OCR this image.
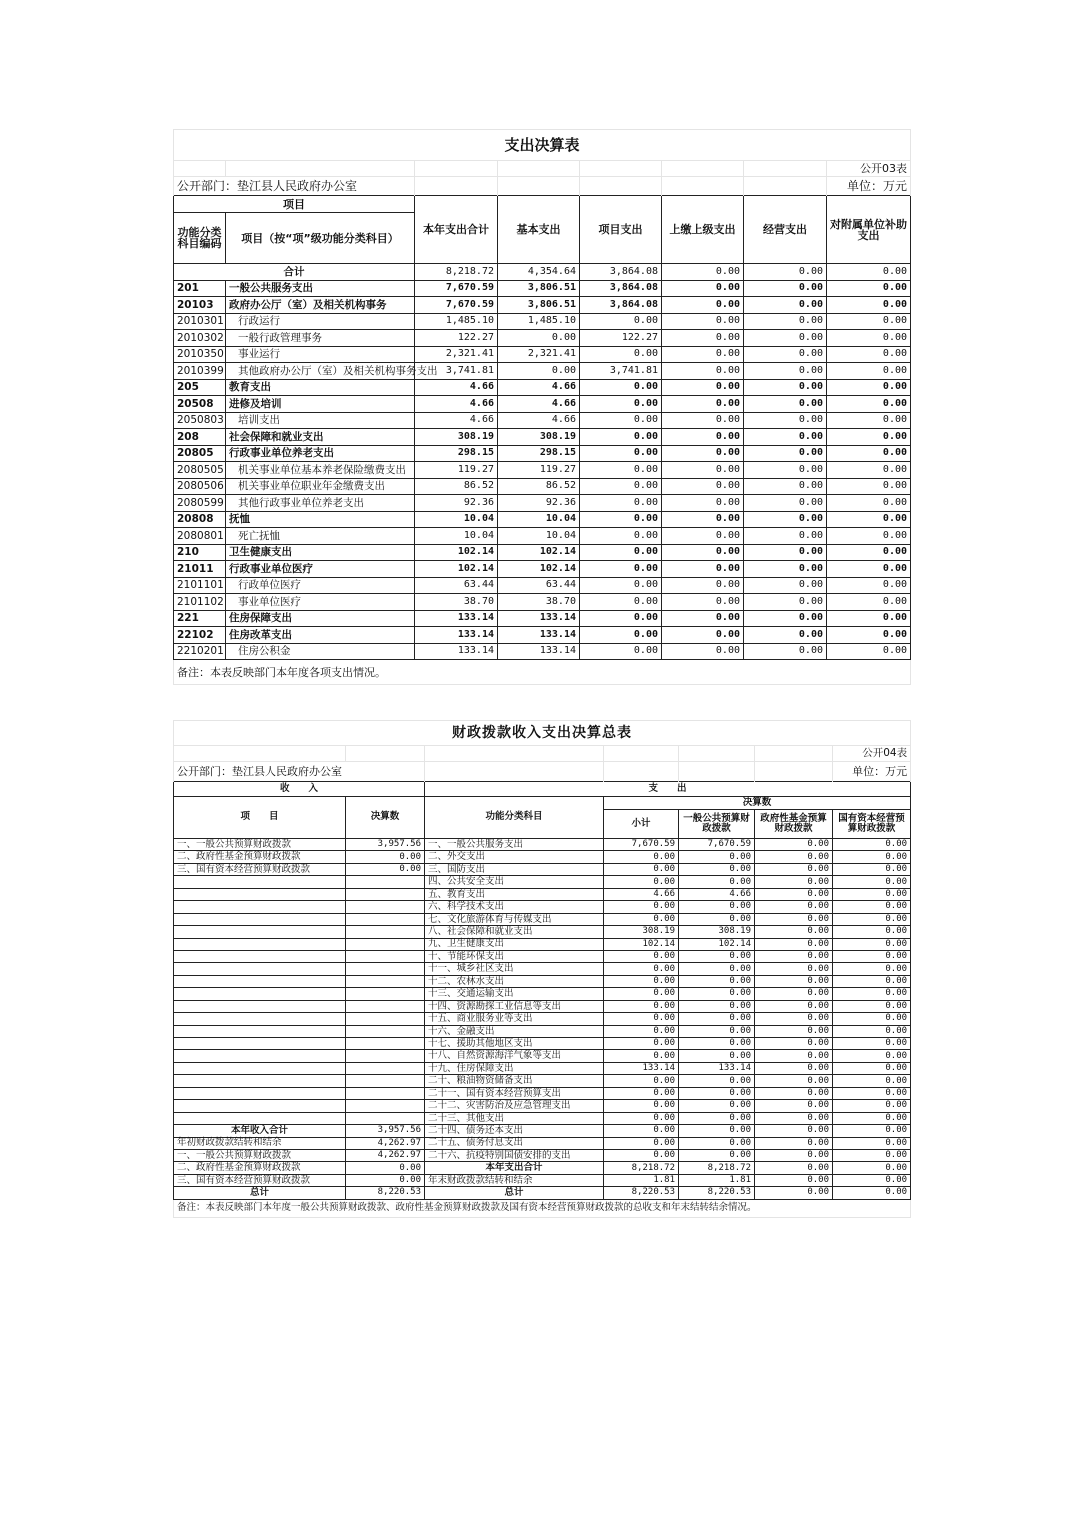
支出决算表							
							公开03表
公开部门：垫江县人民政府办公室							单位：万元
项目		本年支出合计	基本支出	项目支出	上缴上级支出	经营支出	对附属单位补助支出
功能分类科目编码	项目（按“项”级功能分类科目）						
合计		8,218.72	4,354.64	3,864.08	0.00	0.00	0.00
201	一般公共服务支出	7,670.59	3,806.51	3,864.08	0.00	0.00	0.00
20103	政府办公厅（室）及相关机构事务	7,670.59	3,806.51	3,864.08	0.00	0.00	0.00
2010301	行政运行	1,485.10	1,485.10	0.00	0.00	0.00	0.00
2010302	一般行政管理事务	122.27	0.00	122.27	0.00	0.00	0.00
2010350	事业运行	2,321.41	2,321.41	0.00	0.00	0.00	0.00
2010399	其他政府办公厅（室）及相关机构事务支出	3,741.81	0.00	3,741.81	0.00	0.00	0.00
205	教育支出	4.66	4.66	0.00	0.00	0.00	0.00
20508	进修及培训	4.66	4.66	0.00	0.00	0.00	0.00
2050803	培训支出	4.66	4.66	0.00	0.00	0.00	0.00
208	社会保障和就业支出	308.19	308.19	0.00	0.00	0.00	0.00
20805	行政事业单位养老支出	298.15	298.15	0.00	0.00	0.00	0.00
2080505	机关事业单位基本养老保险缴费支出	119.27	119.27	0.00	0.00	0.00	0.00
2080506	机关事业单位职业年金缴费支出	86.52	86.52	0.00	0.00	0.00	0.00
2080599	其他行政事业单位养老支出	92.36	92.36	0.00	0.00	0.00	0.00
20808	抚恤	10.04	10.04	0.00	0.00	0.00	0.00
2080801	死亡抚恤	10.04	10.04	0.00	0.00	0.00	0.00
210	卫生健康支出	102.14	102.14	0.00	0.00	0.00	0.00
21011	行政事业单位医疗	102.14	102.14	0.00	0.00	0.00	0.00
2101101	行政单位医疗	63.44	63.44	0.00	0.00	0.00	0.00
2101102	事业单位医疗	38.70	38.70	0.00	0.00	0.00	0.00
221	住房保障支出	133.14	133.14	0.00	0.00	0.00	0.00
22102	住房改革支出	133.14	133.14	0.00	0.00	0.00	0.00
2210201	住房公积金	133.14	133.14	0.00	0.00	0.00	0.00
备注：本表反映部门本年度各项支出情况。							
财政拨款收入支出决算总表						
						公开04表
公开部门：垫江县人民政府办公室						单位：万元
收　　入		支　　出				
项　　目	决算数	功能分类科目	决算数			
			小计	一般公共预算财政拨款	政府性基金预算财政拨款	国有资本经营预算财政拨款
一、一般公共预算财政拨款	3,957.56	一、一般公共服务支出	7,670.59	7,670.59	0.00	0.00
二、政府性基金预算财政拨款	0.00	二、外交支出	0.00	0.00	0.00	0.00
三、国有资本经营预算财政拨款	0.00	三、国防支出	0.00	0.00	0.00	0.00
		四、公共安全支出	0.00	0.00	0.00	0.00
		五、教育支出	4.66	4.66	0.00	0.00
		六、科学技术支出	0.00	0.00	0.00	0.00
		七、文化旅游体育与传媒支出	0.00	0.00	0.00	0.00
		八、社会保障和就业支出	308.19	308.19	0.00	0.00
		九、卫生健康支出	102.14	102.14	0.00	0.00
		十、节能环保支出	0.00	0.00	0.00	0.00
		十一、城乡社区支出	0.00	0.00	0.00	0.00
		十二、农林水支出	0.00	0.00	0.00	0.00
		十三、交通运输支出	0.00	0.00	0.00	0.00
		十四、资源勘探工业信息等支出	0.00	0.00	0.00	0.00
		十五、商业服务业等支出	0.00	0.00	0.00	0.00
		十六、金融支出	0.00	0.00	0.00	0.00
		十七、援助其他地区支出	0.00	0.00	0.00	0.00
		十八、自然资源海洋气象等支出	0.00	0.00	0.00	0.00
		十九、住房保障支出	133.14	133.14	0.00	0.00
		二十、粮油物资储备支出	0.00	0.00	0.00	0.00
		二十一、国有资本经营预算支出	0.00	0.00	0.00	0.00
		二十二、灾害防治及应急管理支出	0.00	0.00	0.00	0.00
		二十三、其他支出	0.00	0.00	0.00	0.00
本年收入合计	3,957.56	二十四、债务还本支出	0.00	0.00	0.00	0.00
年初财政拨款结转和结余	4,262.97	二十五、债务付息支出	0.00	0.00	0.00	0.00
一、一般公共预算财政拨款	4,262.97	二十六、抗疫特别国债安排的支出	0.00	0.00	0.00	0.00
二、政府性基金预算财政拨款	0.00	本年支出合计	8,218.72	8,218.72	0.00	0.00
三、国有资本经营预算财政拨款	0.00	年末财政拨款结转和结余	1.81	1.81	0.00	0.00
总计	8,220.53	总计	8,220.53	8,220.53	0.00	0.00
备注：本表反映部门本年度一般公共预算财政拨款、政府性基金预算财政拨款及国有资本经营预算财政拨款的总收支和年末结转结余情况。						
